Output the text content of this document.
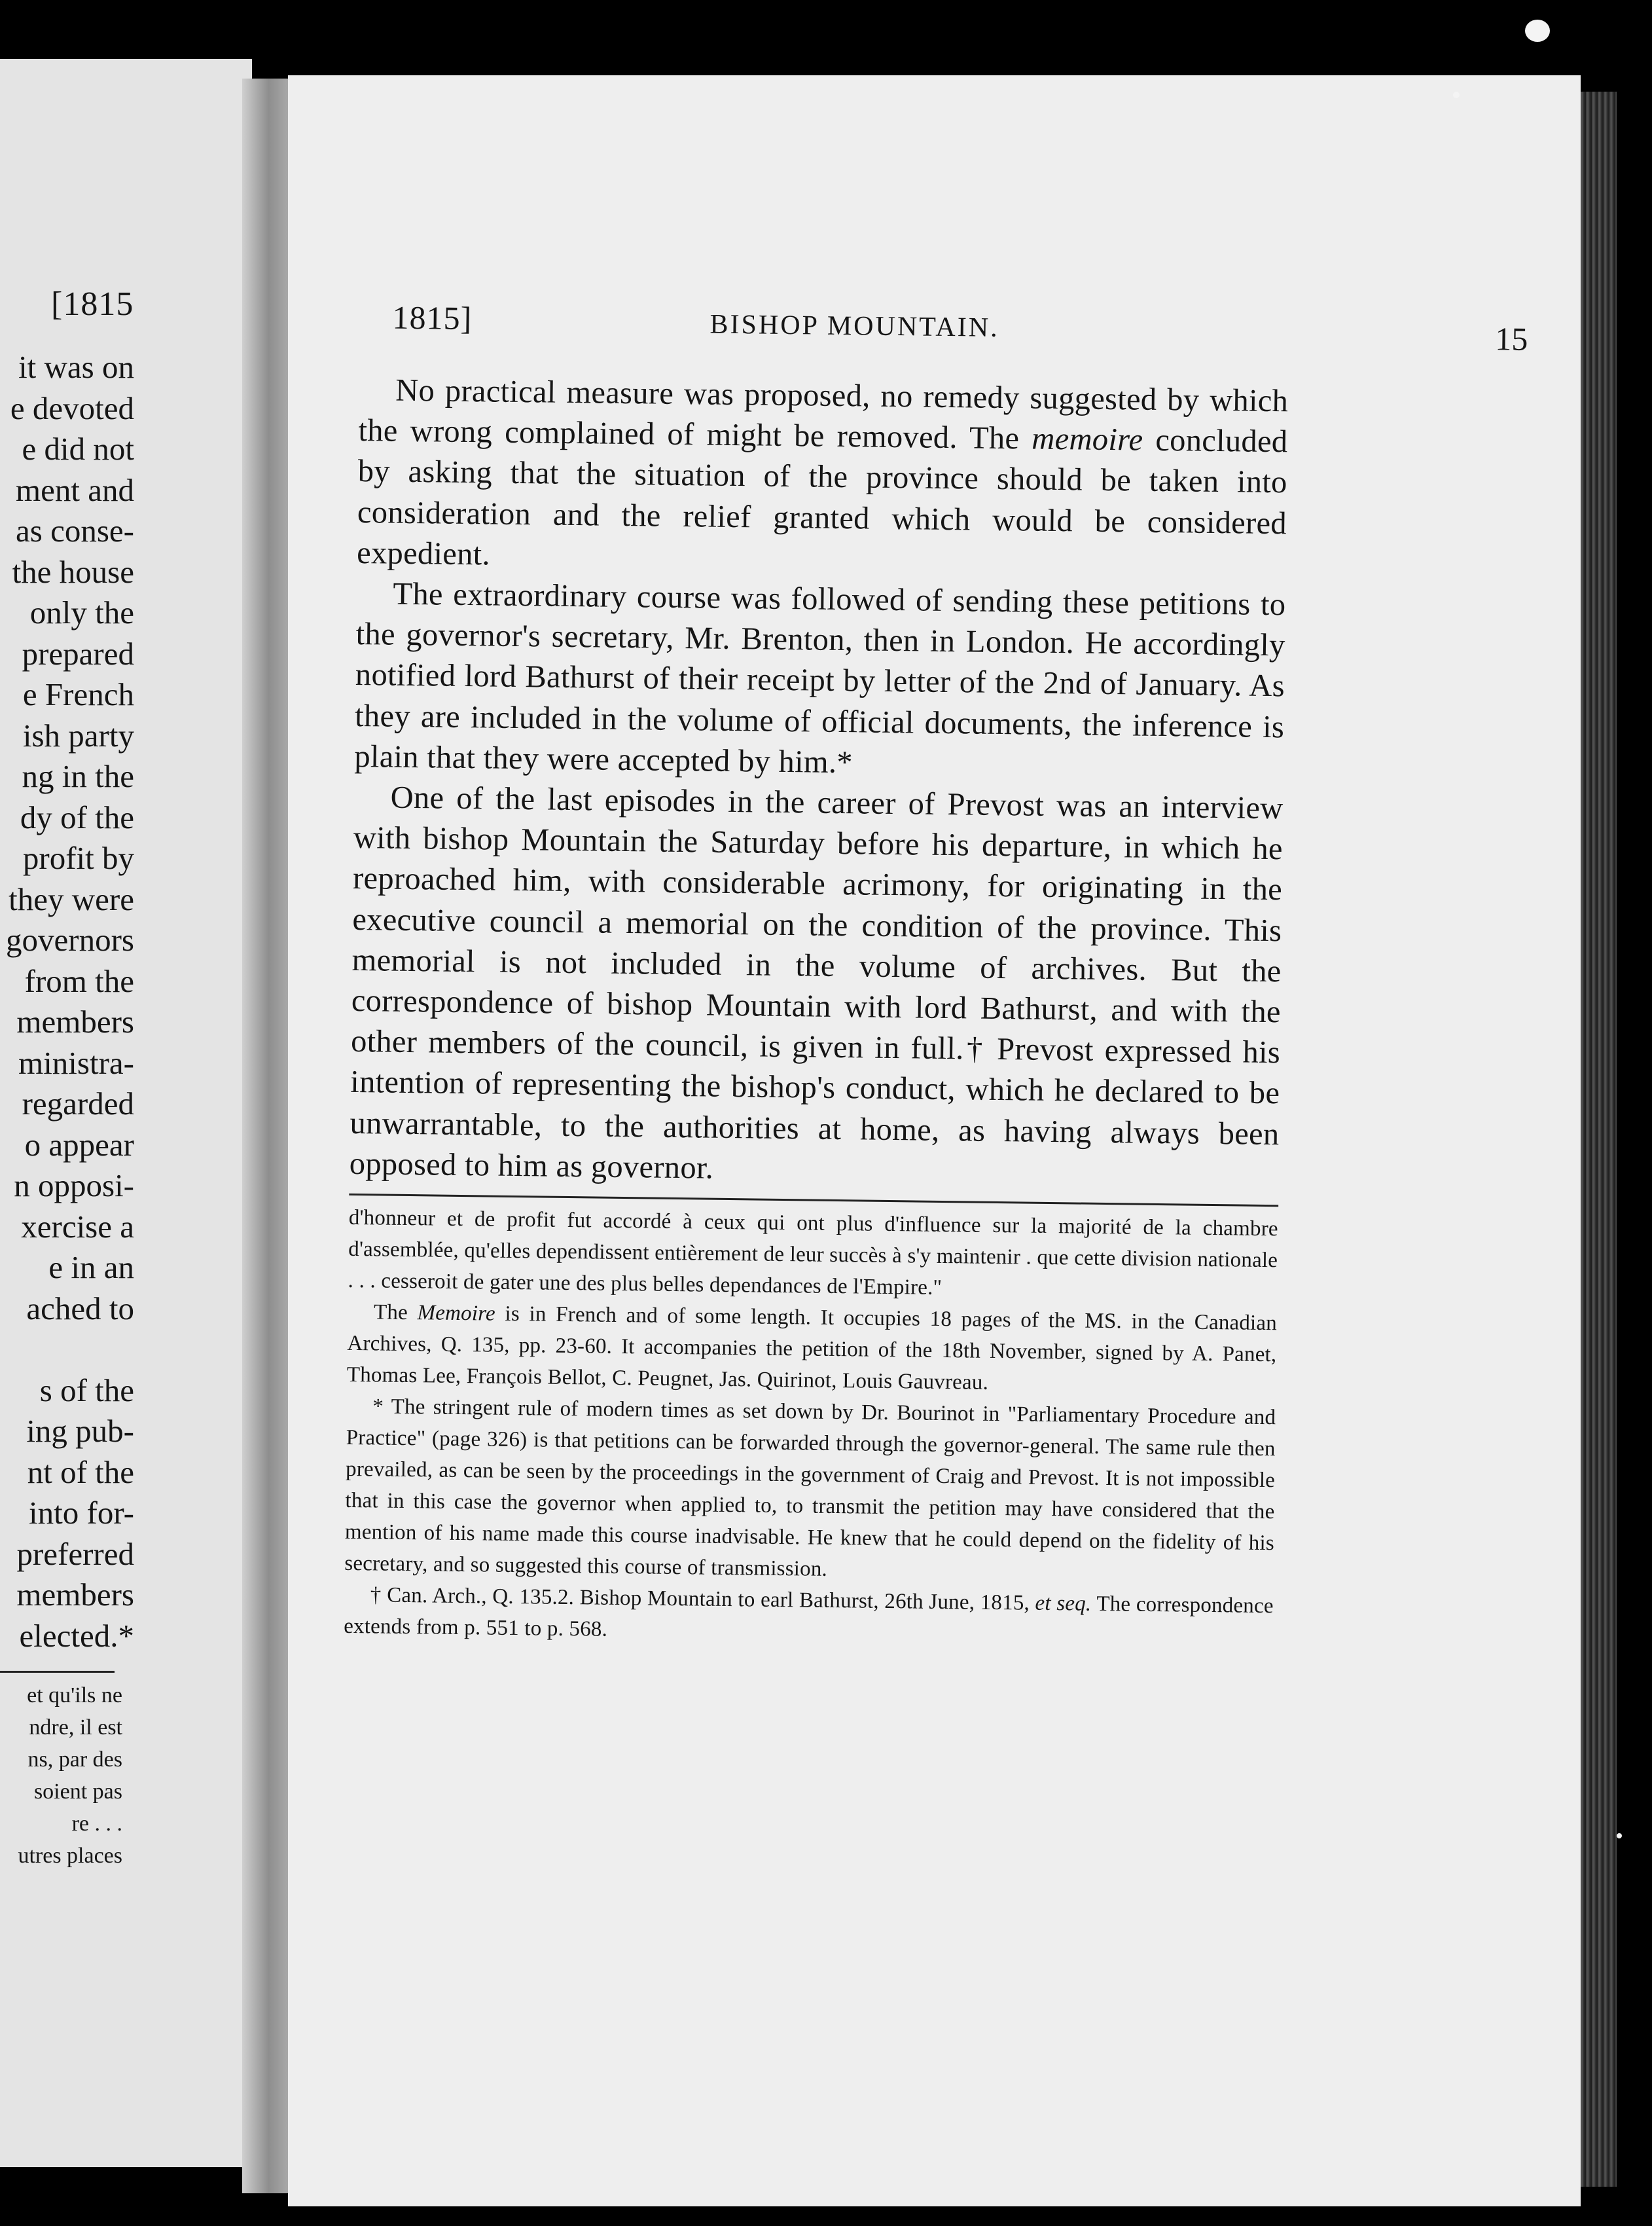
[1815
it was on
e devoted
e did not
ment and
as conse-
the house
only the
prepared
e French
ish party
ng in the
dy of the
profit by
they were
governors
from the
members
ministra-
regarded
o appear
n opposi-
xercise a
e in an
ached to

s of the
ing pub-
nt of the
into for-
preferred
members
elected.*
et qu'ils ne
ndre, il est
ns, par des
soient pas
re . . .
utres places
1815]	BISHOP MOUNTAIN.	15

No practical measure was proposed, no remedy suggested by which the wrong complained of might be removed. The memoire concluded by asking that the situation of the province should be taken into consideration and the relief granted which would be considered expedient.

The extraordinary course was followed of sending these petitions to the governor's secretary, Mr. Brenton, then in London. He accordingly notified lord Bathurst of their receipt by letter of the 2nd of January. As they are included in the volume of official documents, the inference is plain that they were accepted by him.*

One of the last episodes in the career of Prevost was an interview with bishop Mountain the Saturday before his departure, in which he reproached him, with considerable acrimony, for originating in the executive council a memorial on the condition of the province. This memorial is not included in the volume of archives. But the correspondence of bishop Mountain with lord Bathurst, and with the other members of the council, is given in full.† Prevost expressed his intention of representing the bishop's conduct, which he declared to be unwarrantable, to the authorities at home, as having always been opposed to him as governor.

d'honneur et de profit fut accordé à ceux qui ont plus d'influence sur la majorité de la chambre d'assemblée, qu'elles dependissent entièrement de leur succès à s'y maintenir . que cette division nationale . . . cesseroit de gater une des plus belles dependances de l'Empire."

The Memoire is in French and of some length. It occupies 18 pages of the MS. in the Canadian Archives, Q. 135, pp. 23-60. It accompanies the petition of the 18th November, signed by A. Panet, Thomas Lee, François Bellot, C. Peugnet, Jas. Quirinot, Louis Gauvreau.

* The stringent rule of modern times as set down by Dr. Bourinot in "Parliamentary Procedure and Practice" (page 326) is that petitions can be forwarded through the governor-general. The same rule then prevailed, as can be seen by the proceedings in the government of Craig and Prevost. It is not impossible that in this case the governor when applied to, to transmit the petition may have considered that the mention of his name made this course inadvisable. He knew that he could depend on the fidelity of his secretary, and so suggested this course of transmission.

† Can. Arch., Q. 135.2. Bishop Mountain to earl Bathurst, 26th June, 1815, et seq. The correspondence extends from p. 551 to p. 568.
